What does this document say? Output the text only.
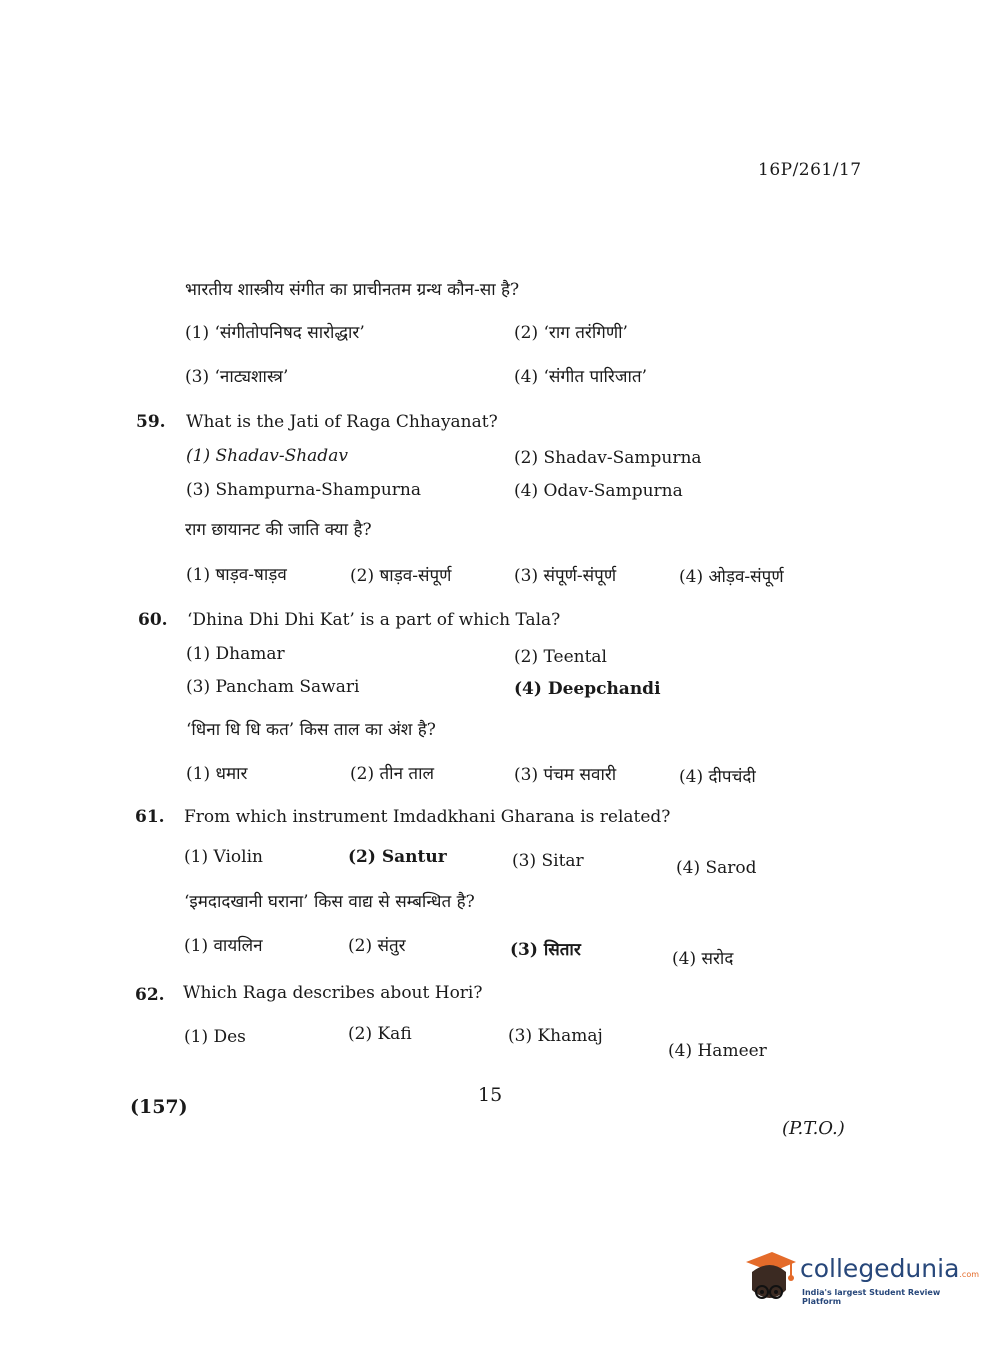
16P/261/17
भारतीय शास्त्रीय संगीत का प्राचीनतम ग्रन्थ कौन-सा है?
(1) ‘संगीतोपनिषद सारोद्धार’	(2) ‘राग तरंगिणी’
(3) ‘नाट्यशास्त्र’	(4) ‘संगीत पारिजात’
59. What is the Jati of Raga Chhayanat?
(1) Shadav-Shadav	(2) Shadav-Sampurna
(3) Shampurna-Shampurna	(4) Odav-Sampurna
राग छायानट की जाति क्या है?
(1) षाड़व-षाड़व	(2) षाड़व-संपूर्ण	(3) संपूर्ण-संपूर्ण	(4) ओड़व-संपूर्ण
60. ‘Dhina Dhi Dhi Kat’ is a part of which Tala?
(1) Dhamar	(2) Teental
(3) Pancham Sawari	(4) Deepchandi
‘धिना धि धि कत’ किस ताल का अंश है?
(1) धमार	(2) तीन ताल	(3) पंचम सवारी	(4) दीपचंदी
61. From which instrument Imdadkhani Gharana is related?
(1) Violin	(2) Santur	(3) Sitar	(4) Sarod
‘इमदादखानी घराना’ किस वाद्य से सम्बन्धित है?
(1) वायलिन	(2) संतुर	(3) सितार	(4) सरोद
62. Which Raga describes about Hori?
(1) Des	(2) Kafi	(3) Khamaj
(4) Hameer
(157)
15
(P.T.O.)
collegedunia.com
India's largest Student Review Platform
